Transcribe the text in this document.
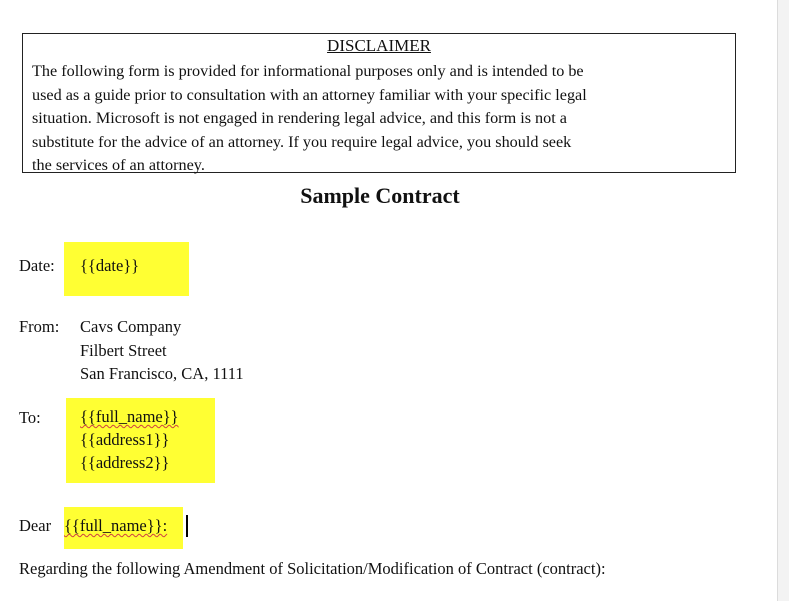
DISCLAIMER
The following form is provided for informational purposes only and is intended to be
used as a guide prior to consultation with an attorney familiar with your specific legal
situation. Microsoft is not engaged in rendering legal advice, and this form is not a
substitute for the advice of an attorney. If you require legal advice, you should seek
the services of an attorney.
Sample Contract
Date: {{date}}
From: Cavs Company
Filbert Street
San Francisco, CA, 1111
To: {{full_name}}
{{address1}}
{{address2}}
Dear {{full_name}}:
Regarding the following Amendment of Solicitation/Modification of Contract (contract):
